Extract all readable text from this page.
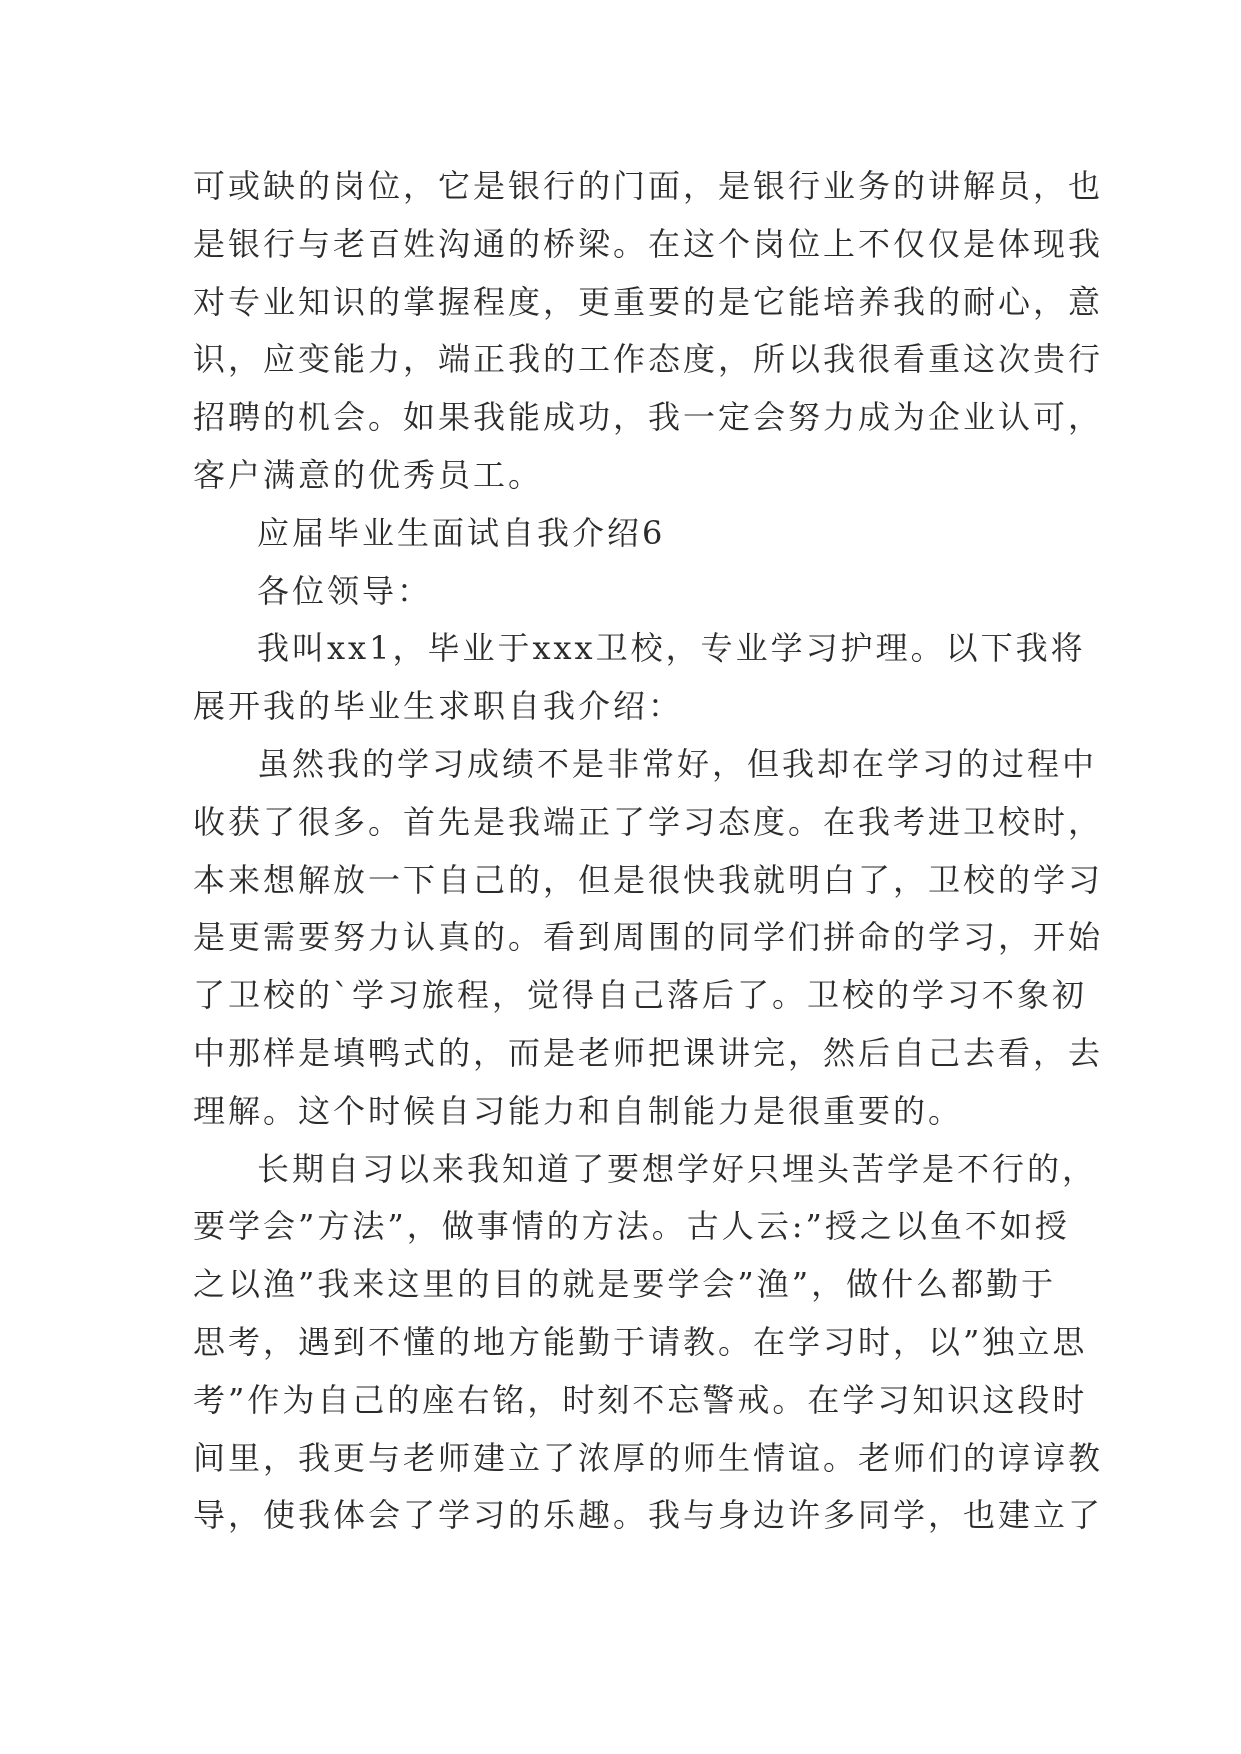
可或缺的岗位，它是银行的门面，是银行业务的讲解员，也
是银行与老百姓沟通的桥梁。在这个岗位上不仅仅是体现我
对专业知识的掌握程度，更重要的是它能培养我的耐心，意
识，应变能力，端正我的工作态度，所以我很看重这次贵行
招聘的机会。如果我能成功，我一定会努力成为企业认可，
客户满意的优秀员工。
应届毕业生面试自我介绍6
各位领导：
我叫xx1，毕业于xxx卫校，专业学习护理。以下我将
展开我的毕业生求职自我介绍：
虽然我的学习成绩不是非常好，但我却在学习的过程中
收获了很多。首先是我端正了学习态度。在我考进卫校时，
本来想解放一下自己的，但是很快我就明白了，卫校的学习
是更需要努力认真的。看到周围的同学们拼命的学习，开始
了卫校的`学习旅程，觉得自己落后了。卫校的学习不象初
中那样是填鸭式的，而是老师把课讲完，然后自己去看，去
理解。这个时候自习能力和自制能力是很重要的。
长期自习以来我知道了要想学好只埋头苦学是不行的，
要学会”方法”，做事情的方法。古人云:”授之以鱼不如授
之以渔”我来这里的目的就是要学会”渔”，做什么都勤于
思考，遇到不懂的地方能勤于请教。在学习时，以”独立思
考”作为自己的座右铭，时刻不忘警戒。在学习知识这段时
间里，我更与老师建立了浓厚的师生情谊。老师们的谆谆教
导，使我体会了学习的乐趣。我与身边许多同学，也建立了
